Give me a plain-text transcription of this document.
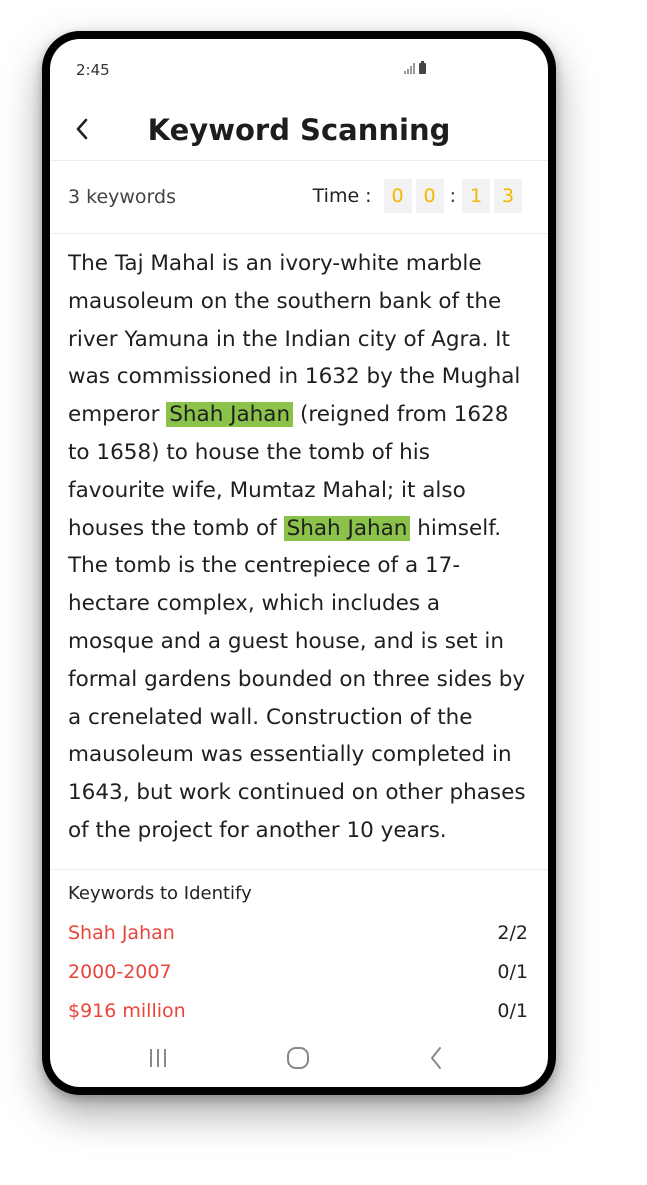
2:45
Keyword Scanning
3 keywords	Time :	0	0 : 1	3

The Taj Mahal is an ivory-white marble mausoleum on the southern bank of the river Yamuna in the Indian city of Agra. It was commissioned in 1632 by the Mughal emperor Shah Jahan (reigned from 1628 to 1658) to house the tomb of his favourite wife, Mumtaz Mahal; it also houses the tomb of Shah Jahan himself. The tomb is the centrepiece of a 17-hectare complex, which includes a mosque and a guest house, and is set in formal gardens bounded on three sides by a crenelated wall. Construction of the mausoleum was essentially completed in 1643, but work continued on other phases of the project for another 10 years.

Keywords to Identify
Shah Jahan	2/2
2000-2007	0/1
$916 million	0/1
